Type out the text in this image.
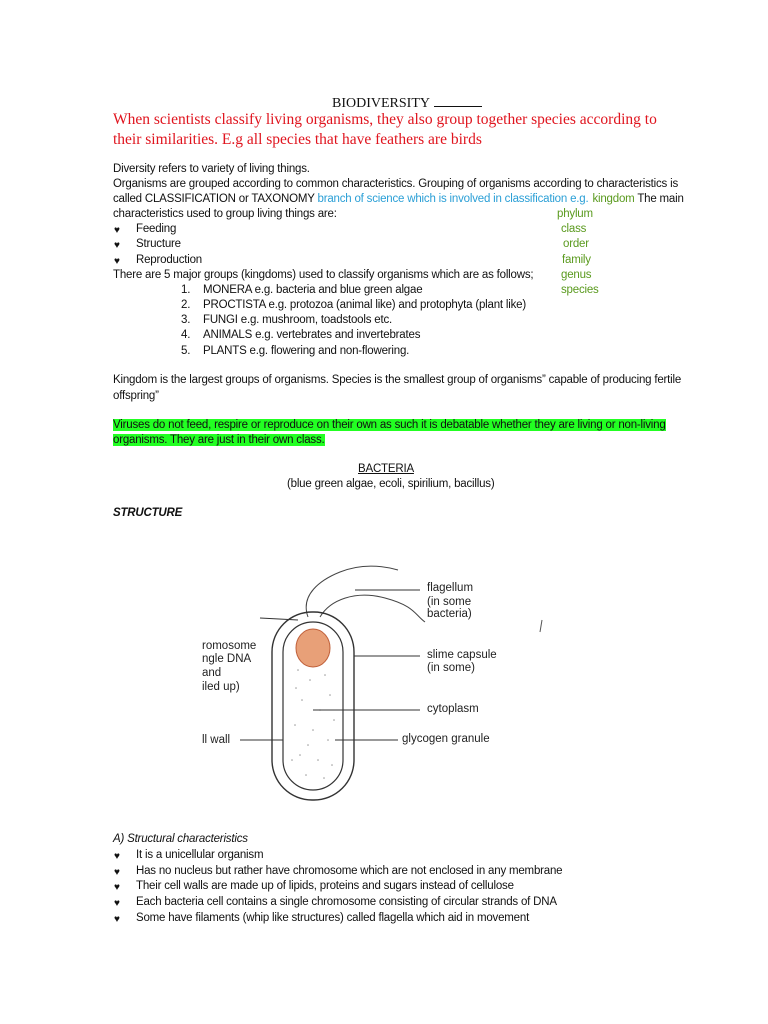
BIODIVERSITY
When scientists classify living organisms, they also group together species according to
their similarities. E.g all species that have feathers are birds
Diversity refers to variety of living things.
Organisms are grouped according to common characteristics. Grouping of organisms according to characteristics is
called CLASSIFICATION or TAXONOMY branch of science which is involved in classification e.g. kingdom The main
characteristics used to group living things are:
♥ Feeding
♥ Structure
♥ Reproduction
phylum
class
order
family
genus
species
There are 5 major groups (kingdoms) used to classify organisms which are as follows;
1. MONERA e.g. bacteria and blue green algae
2. PROCTISTA e.g. protozoa (animal like) and protophyta (plant like)
3. FUNGI e.g. mushroom, toadstools etc.
4. ANIMALS e.g. vertebrates and invertebrates
5. PLANTS e.g. flowering and non-flowering.
Kingdom is the largest groups of organisms. Species is the smallest group of organisms” capable of producing fertile
offspring”
Viruses do not feed, respire or reproduce on their own as such it is debatable whether they are living or non-living
organisms. They are just in their own class.
BACTERIA
(blue green algae, ecoli, spirilium, bacillus)
STRUCTURE
flagellum
(in some
bacteria)
romosome
ngle DNA
and
iled up)
slime capsule
(in some)
cytoplasm
ll wall	glycogen granule
A) Structural characteristics
♥ It is a unicellular organism
♥ Has no nucleus but rather have chromosome which are not enclosed in any membrane
♥ Their cell walls are made up of lipids, proteins and sugars instead of cellulose
♥ Each bacteria cell contains a single chromosome consisting of circular strands of DNA
♥ Some have filaments (whip like structures) called flagella which aid in movement
